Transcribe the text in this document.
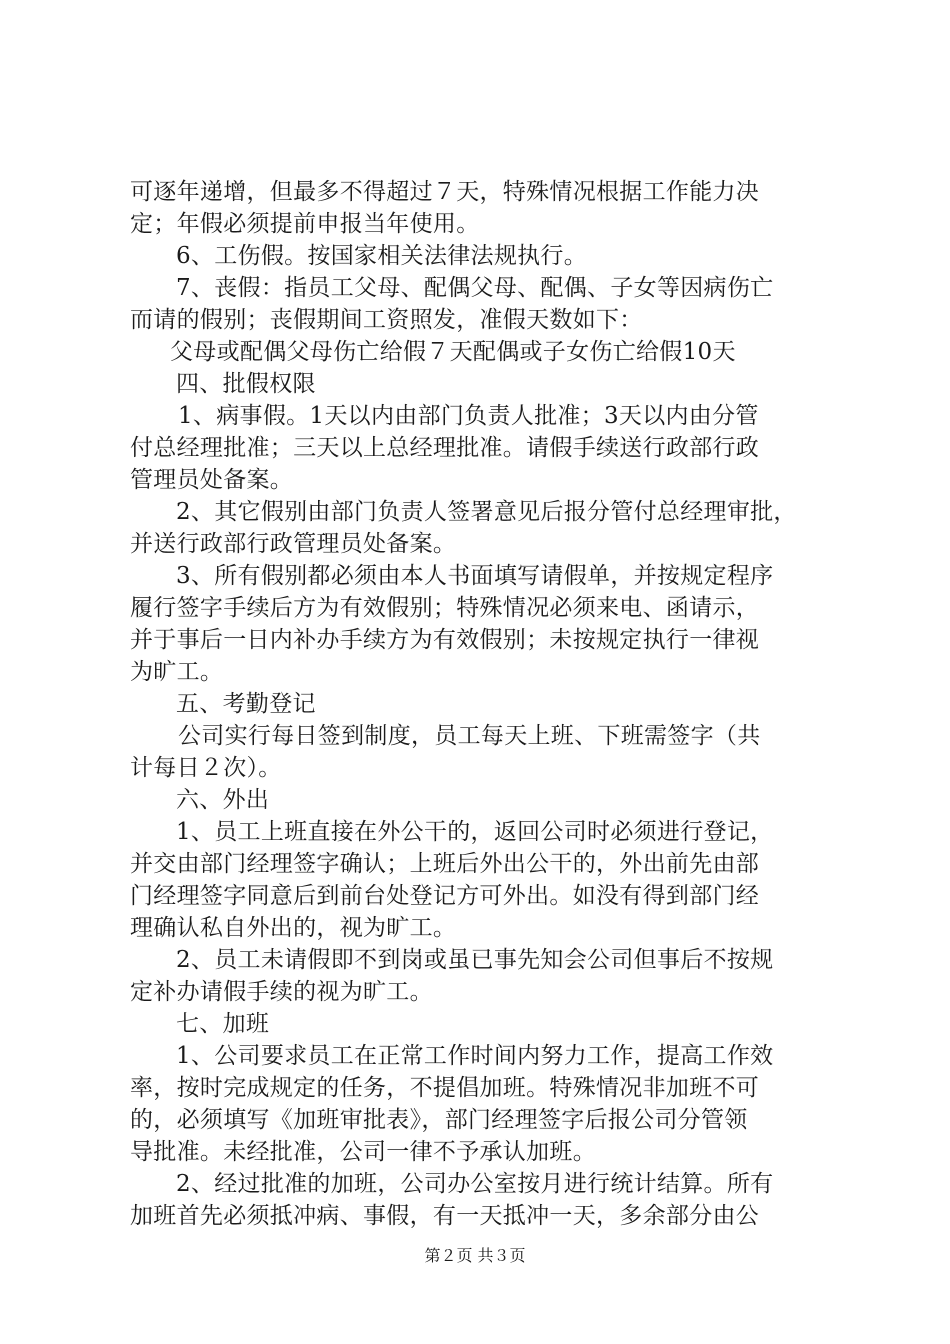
可逐年递增，但最多不得超过７天，特殊情况根据工作能力决
定；年假必须提前申报当年使用。
6、工伤假。按国家相关法律法规执行。
7、丧假：指员工父母、配偶父母、配偶、子女等因病伤亡
而请的假别；丧假期间工资照发，准假天数如下：
父母或配偶父母伤亡给假７天配偶或子女伤亡给假10天
四、批假权限
1、病事假。1天以内由部门负责人批准；3天以内由分管
付总经理批准；三天以上总经理批准。请假手续送行政部行政
管理员处备案。
2、其它假别由部门负责人签署意见后报分管付总经理审批，
并送行政部行政管理员处备案。
3、所有假别都必须由本人书面填写请假单，并按规定程序
履行签字手续后方为有效假别；特殊情况必须来电、函请示，
并于事后一日内补办手续方为有效假别；未按规定执行一律视
为旷工。
五、考勤登记
公司实行每日签到制度，员工每天上班、下班需签字（共
计每日２次）。
六、外出
1、员工上班直接在外公干的，返回公司时必须进行登记，
并交由部门经理签字确认；上班后外出公干的，外出前先由部
门经理签字同意后到前台处登记方可外出。如没有得到部门经
理确认私自外出的，视为旷工。
2、员工未请假即不到岗或虽已事先知会公司但事后不按规
定补办请假手续的视为旷工。
七、加班
1、公司要求员工在正常工作时间内努力工作，提高工作效
率，按时完成规定的任务，不提倡加班。特殊情况非加班不可
的，必须填写《加班审批表》，部门经理签字后报公司分管领
导批准。未经批准，公司一律不予承认加班。
2、经过批准的加班，公司办公室按月进行统计结算。所有
加班首先必须抵冲病、事假，有一天抵冲一天，多余部分由公
第２页 共３页
